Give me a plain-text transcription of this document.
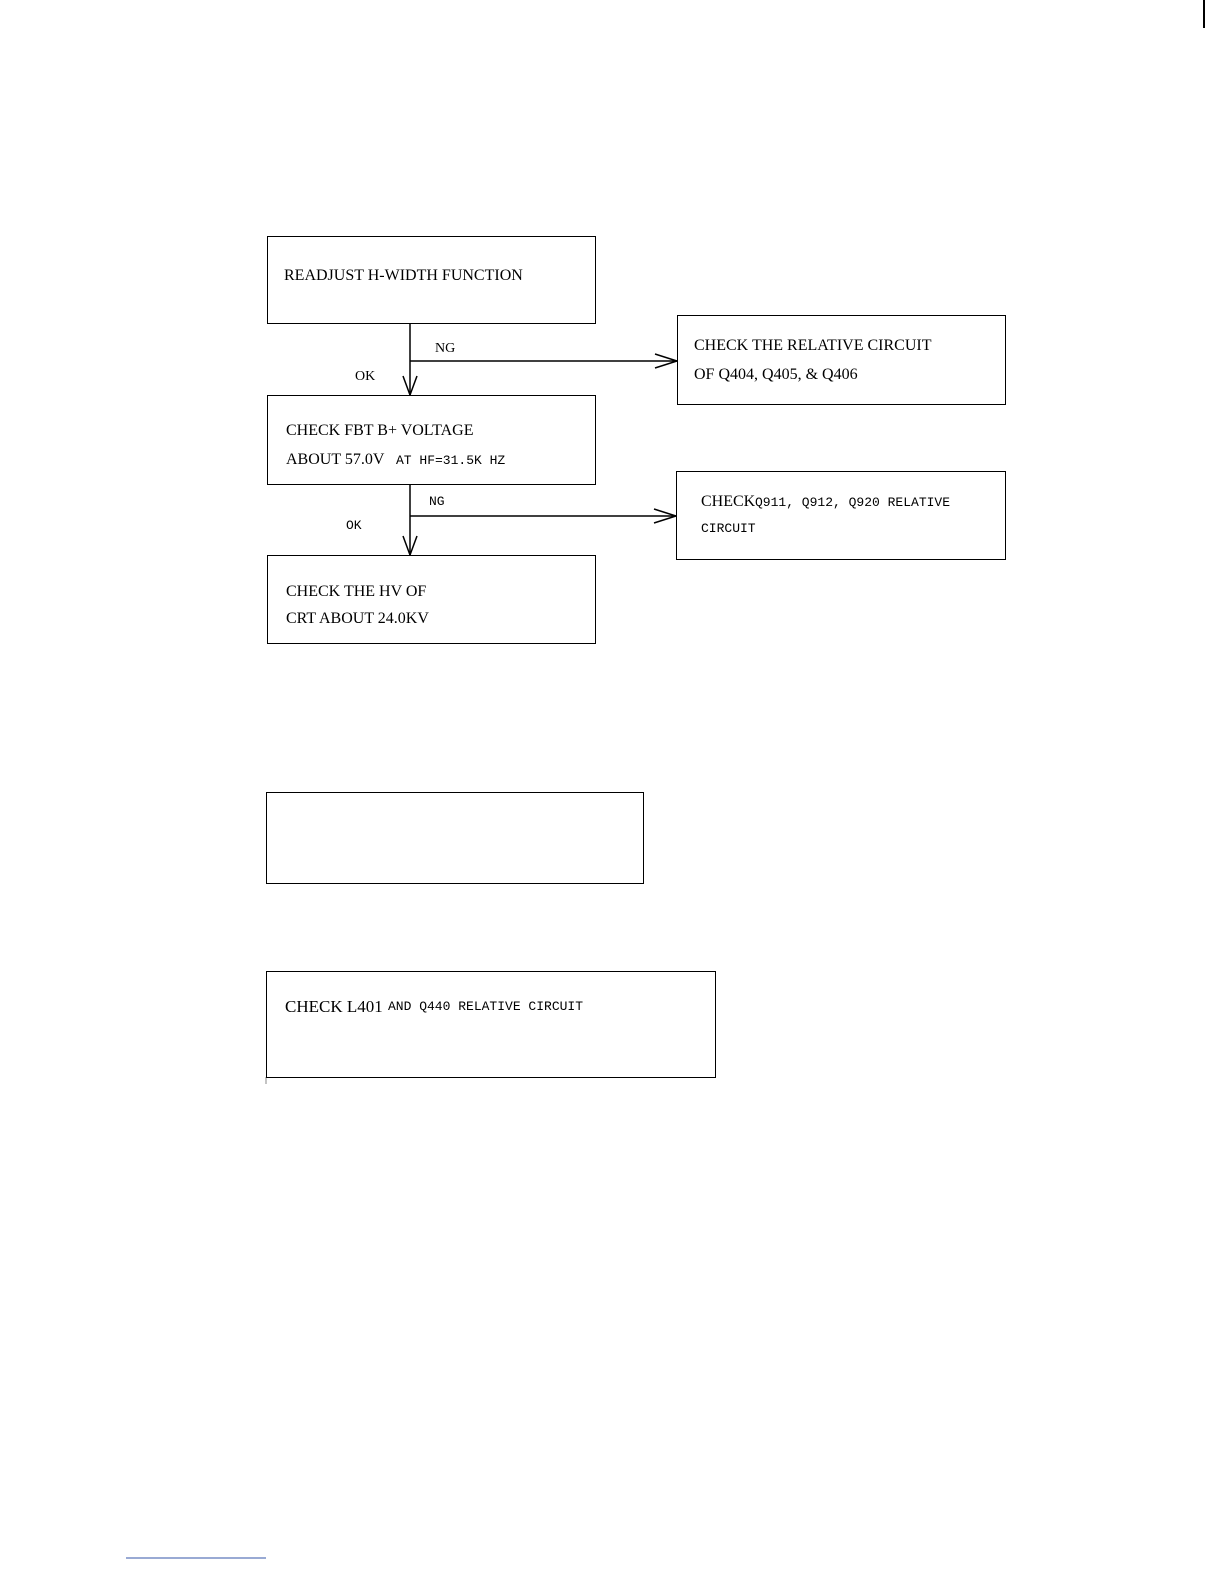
READJUST H-WIDTH FUNCTION
NG
OK
CHECK THE RELATIVE CIRCUIT
OF Q404, Q405, & Q406
CHECK FBT B+ VOLTAGE
ABOUT 57.0V AT HF=31.5K HZ
NG
OK
CHECK Q911, Q912, Q920 RELATIVE
CIRCUIT
CHECK THE HV OF
CRT ABOUT 24.0KV
CHECK L401 AND Q440 RELATIVE CIRCUIT
